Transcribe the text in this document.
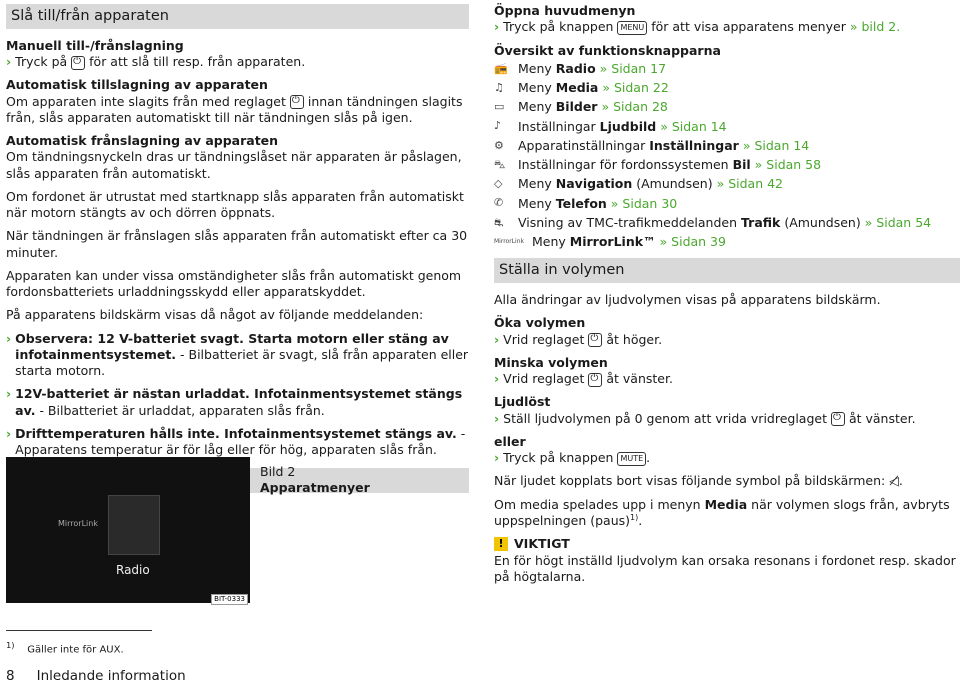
Slå till/från apparaten
Manuell till-/frånslagning

› Tryck på ⏻ för att slå till resp. från apparaten.

Automatisk tillslagning av apparaten

Om apparaten inte slagits från med reglaget ⏻ innan tändningen slagits från, slås apparaten automatiskt till när tändningen slås på igen.

Automatisk frånslagning av apparaten

Om tändningsnyckeln dras ur tändningslåset när apparaten är påslagen, slås apparaten från automatiskt.

Om fordonet är utrustat med startknapp slås apparaten från automatiskt när motorn stängts av och dörren öppnats.

När tändningen är frånslagen slås apparaten från automatiskt efter ca 30 minuter.

Apparaten kan under vissa omständigheter slås från automatiskt genom fordonsbatteriets urladdningsskydd eller apparatskyddet.

På apparatens bildskärm visas då något av följande meddelanden:

› Observera: 12 V-batteriet svagt. Starta motorn eller stäng av infotainmentsystemet. - Bilbatteriet är svagt, slå från apparaten eller starta motorn.

› 12V-batteriet är nästan urladdat. Infotainmentsystemet stängs av. - Bilbatteriet är urladdat, apparaten slås från.

› Drifttemperaturen hålls inte. Infotainmentsystemet stängs av. - Apparatens temperatur är för låg eller för hög, apparaten slås från.

MirrorLink
Radio
BIT-0333
Bild 2
Apparatmenyer
Öppna huvudmenyn

› Tryck på knappen MENU för att visa apparatens menyer » bild 2.

Översikt av funktionsknapparna
📻 Meny Radio » Sidan 17
♫	Meny Media » Sidan 22
▭	Meny Bilder » Sidan 28
♪	Inställningar Ljudbild » Sidan 14
⚙	Apparatinställningar Inställningar » Sidan 14
⛍	Inställningar för fordonssystemen Bil » Sidan 58
◇	Meny Navigation (Amundsen) » Sidan 42
✆	Meny Telefon » Sidan 30
⛐	Visning av TMC-trafikmeddelanden Trafik (Amundsen) » Sidan 54
MirrorLink Meny MirrorLink™ » Sidan 39
Ställa in volymen

Alla ändringar av ljudvolymen visas på apparatens bildskärm.

Öka volymen

› Vrid reglaget ⏻ åt höger.

Minska volymen

› Vrid reglaget ⏻ åt vänster.

Ljudlöst

› Ställ ljudvolymen på 0 genom att vrida vridreglaget ⏻ åt vänster.

eller

› Tryck på knappen MUTE .

När ljudet kopplats bort visas följande symbol på bildskärmen: ◁̸.

Om media spelades upp i menyn Media när volymen slogs från, avbryts uppspelningen (paus)$^{1)}$.

! VIKTIGT

En för högt inställd ljudvolym kan orsaka resonans i fordonet resp. skador på högtalarna.

$^{1)}$ Gäller inte för AUX.
8 Inledande information
